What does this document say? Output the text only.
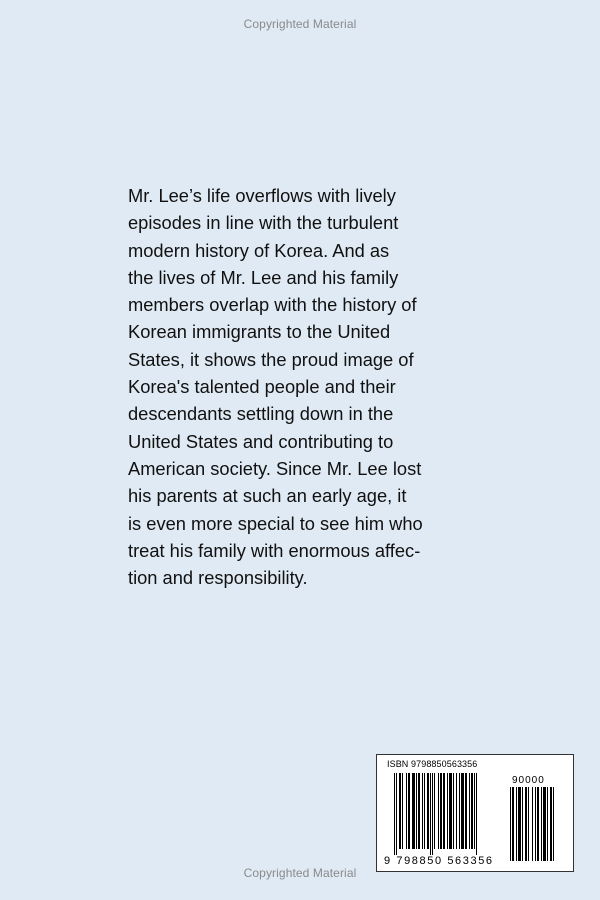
Copyrighted Material
Mr. Lee’s life overflows with lively
episodes in line with the turbulent
modern history of Korea. And as
the lives of Mr. Lee and his family
members overlap with the history of
Korean immigrants to the United
States, it shows the proud image of
Korea's talented people and their
descendants settling down in the
United States and contributing to
American society. Since Mr. Lee lost
his parents at such an early age, it
is even more special to see him who
treat his family with enormous affec-
tion and responsibility.
ISBN 9798850563356
90000
9 798850 563356
Copyrighted Material
